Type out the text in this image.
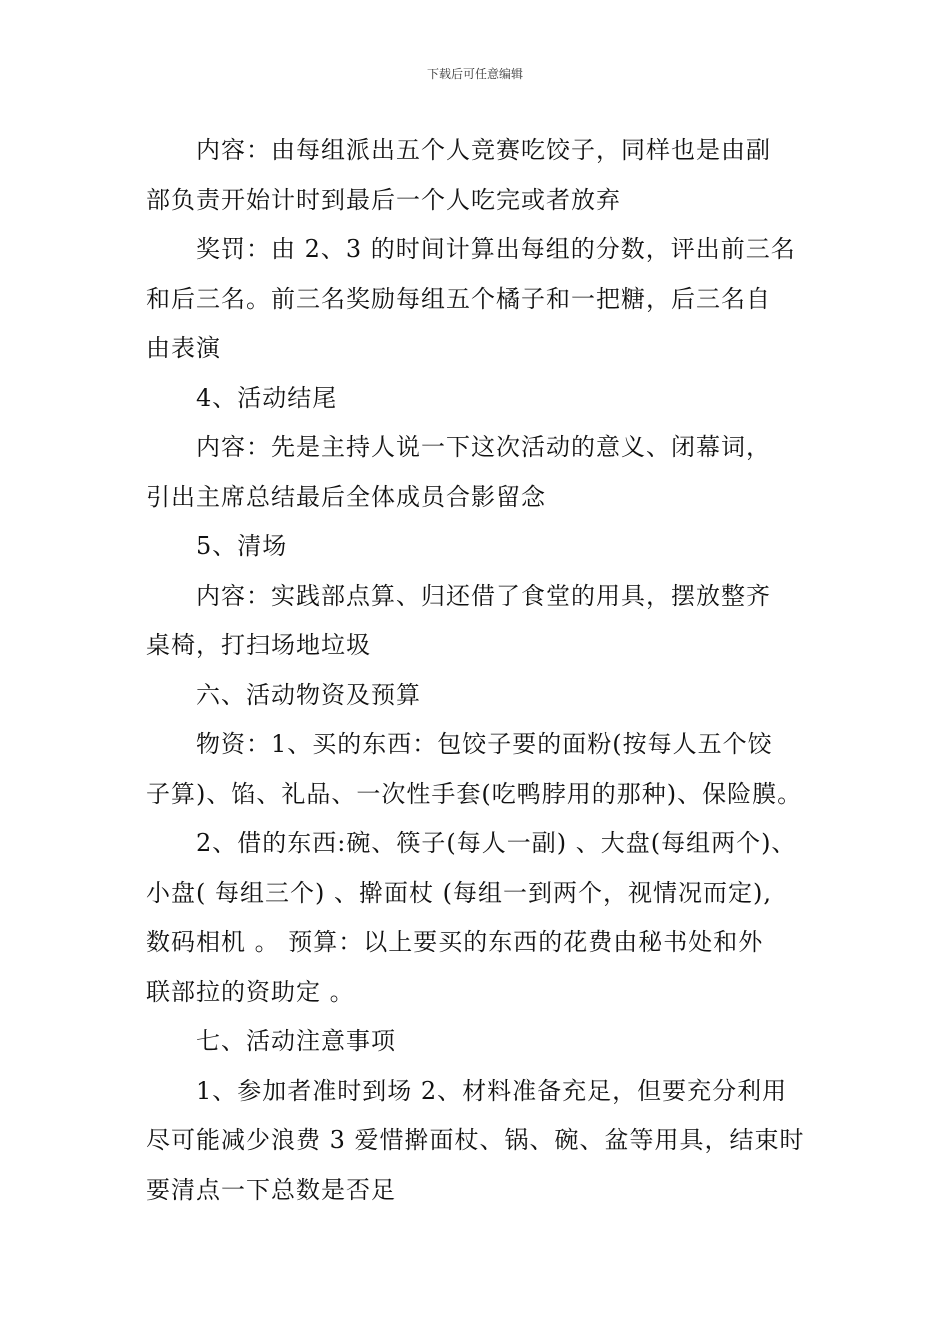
下载后可任意编辑

内容：由每组派出五个人竞赛吃饺子，同样也是由副

部负责开始计时到最后一个人吃完或者放弃

奖罚：由 2、3 的时间计算出每组的分数，评出前三名

和后三名。前三名奖励每组五个橘子和一把糖，后三名自

由表演

4、活动结尾

内容：先是主持人说一下这次活动的意义、闭幕词，

引出主席总结最后全体成员合影留念

5、清场

内容：实践部点算、归还借了食堂的用具，摆放整齐

桌椅，打扫场地垃圾

六、活动物资及预算

物资：1、买的东西：包饺子要的面粉(按每人五个饺

子算)、馅、礼品、一次性手套(吃鸭脖用的那种)、保险膜。

2、借的东西:碗、筷子(每人一副) 、大盘(每组两个)、

小盘( 每组三个) 、擀面杖 (每组一到两个，视情况而定),

数码相机 。 预算：以上要买的东西的花费由秘书处和外

联部拉的资助定 。

七、活动注意事项

1、参加者准时到场 2、材料准备充足，但要充分利用

尽可能减少浪费 3 爱惜擀面杖、锅、碗、盆等用具，结束时

要清点一下总数是否足
